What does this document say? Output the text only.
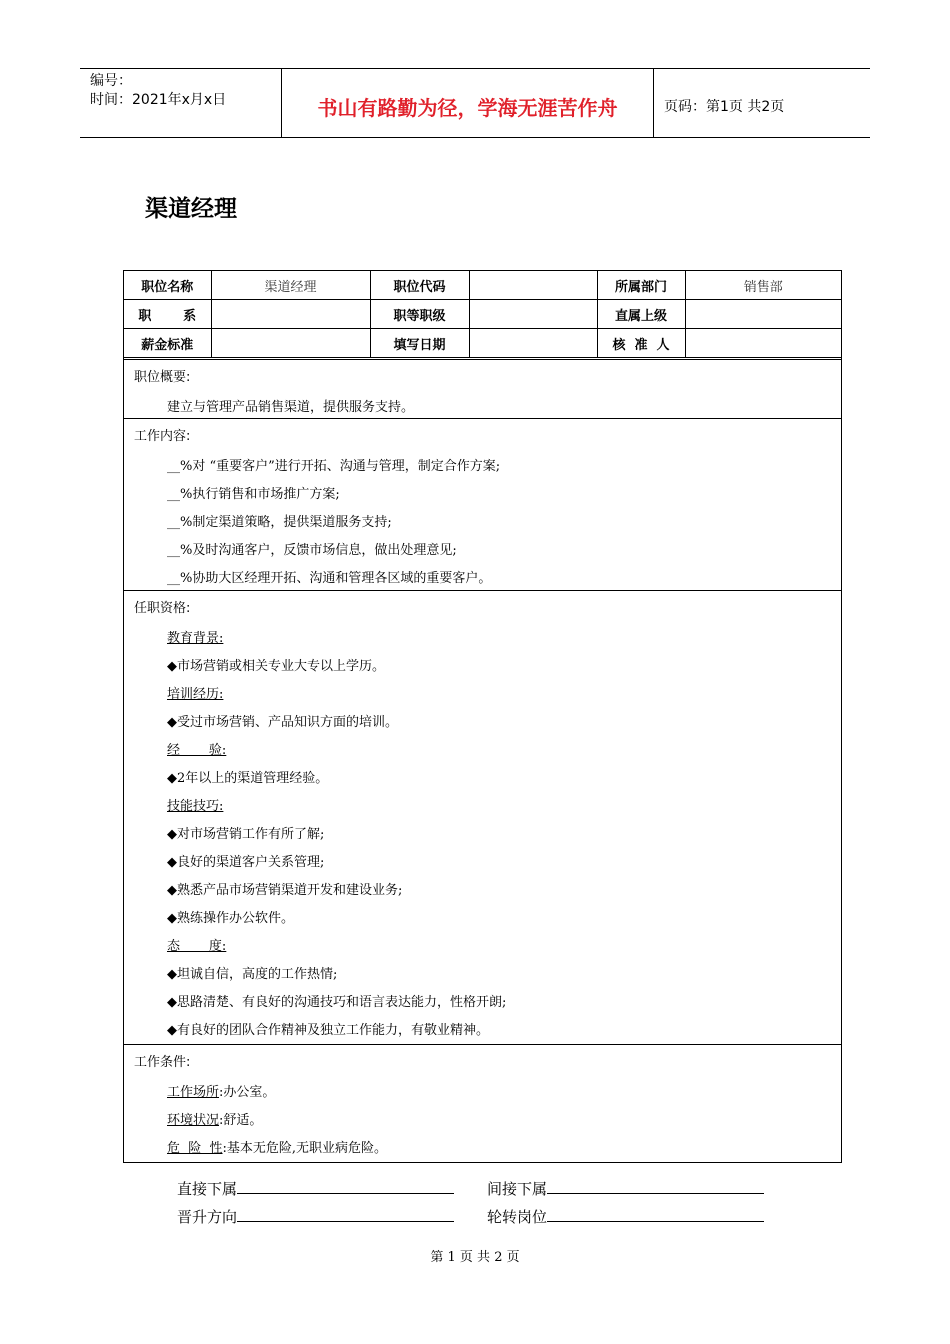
编号：
时间：2021年x月x日	书山有路勤为径，学海无涯苦作舟	页码：第1页 共2页
渠道经理
职位名称	渠道经理	职位代码		所属部门	销售部
职       系		职等职级		直属上级	
薪金标准		填写日期		核  准  人	
职位概要:
建立与管理产品销售渠道，提供服务支持。
工作内容:
__%对 “重要客户”进行开拓、沟通与管理，制定合作方案;
__%执行销售和市场推广方案;
__%制定渠道策略，提供渠道服务支持;
__%及时沟通客户，反馈市场信息，做出处理意见;
__%协助大区经理开拓、沟通和管理各区域的重要客户。
任职资格:
教育背景:
◆市场营销或相关专业大专以上学历。
培训经历:
◆受过市场营销、产品知识方面的培训。
经       验:
◆2年以上的渠道管理经验。
技能技巧:
◆对市场营销工作有所了解;
◆良好的渠道客户关系管理;
◆熟悉产品市场营销渠道开发和建设业务;
◆熟练操作办公软件。
态       度:
◆坦诚自信，高度的工作热情;
◆思路清楚、有良好的沟通技巧和语言表达能力，性格开朗;
◆有良好的团队合作精神及独立工作能力，有敬业精神。
工作条件:
工作场所:办公室。
环境状况:舒适。
危  险  性:基本无危险,无职业病危险。
直接下属	间接下属
晋升方向	轮转岗位
第 1 页 共 2 页
